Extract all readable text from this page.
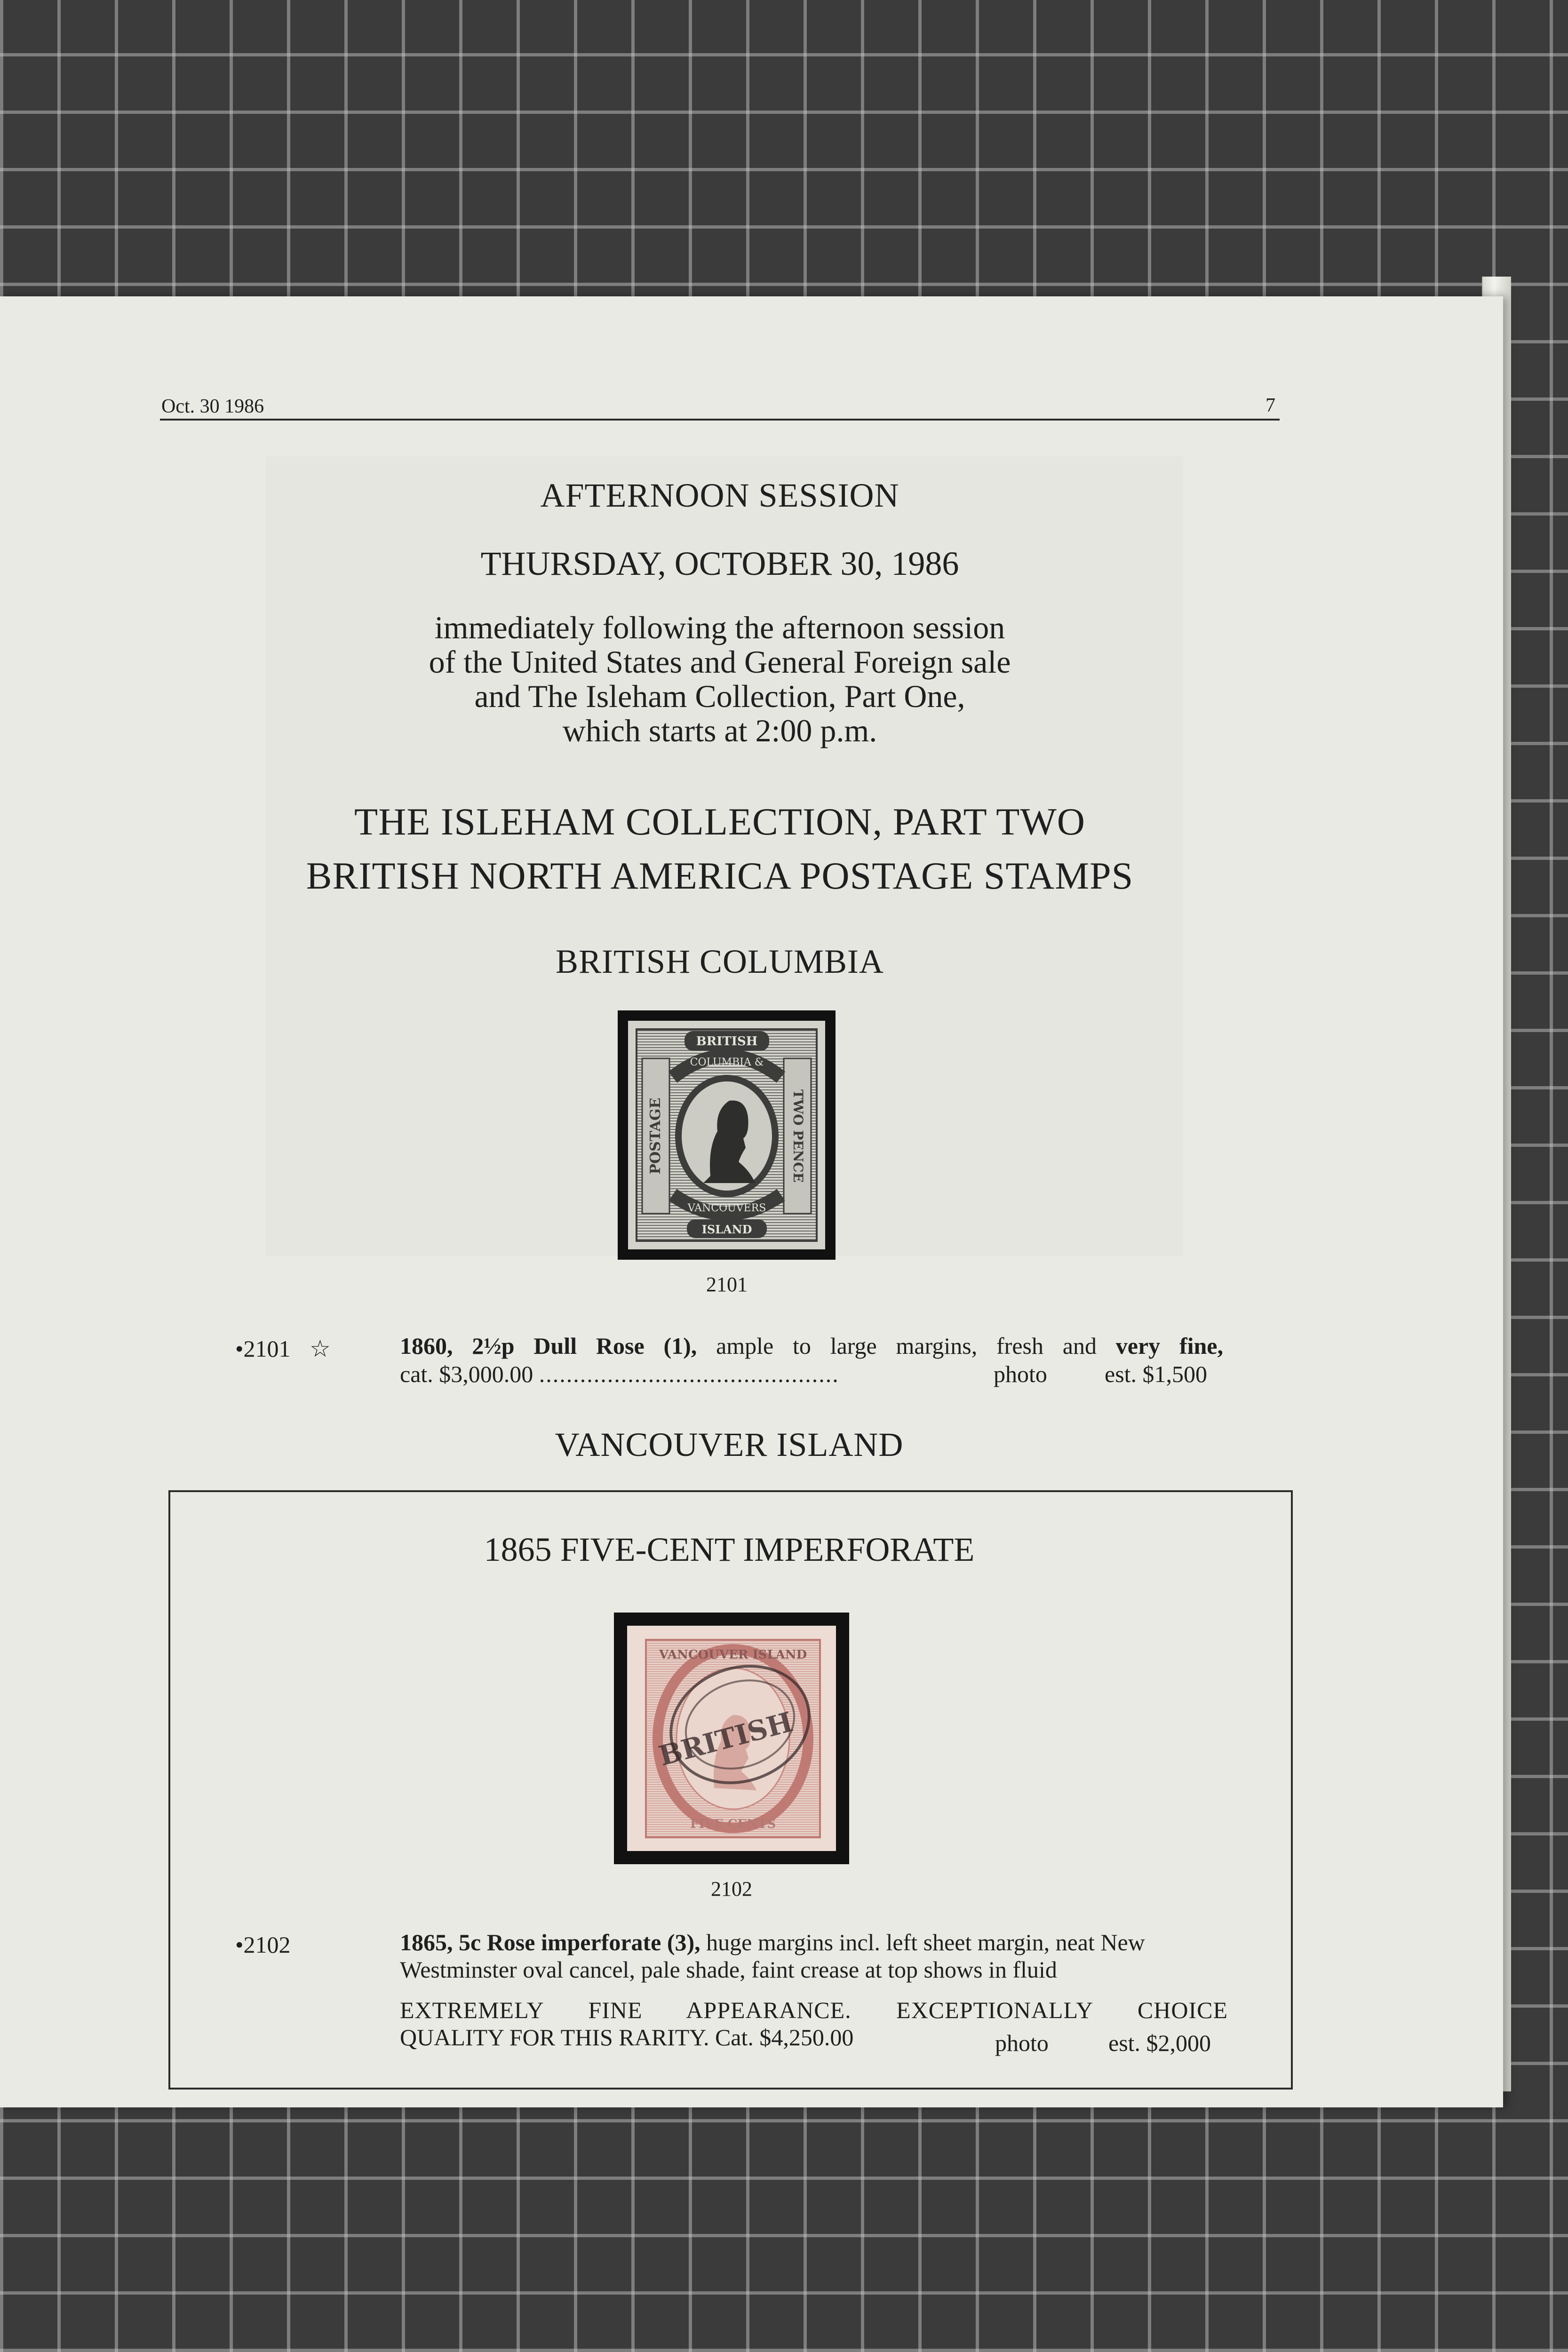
Oct. 30 1986	7
AFTERNOON SESSION
THURSDAY, OCTOBER 30, 1986
immediately following the afternoon session
of the United States and General Foreign sale
and The Isleham Collection, Part One,
which starts at 2:00 p.m.
THE ISLEHAM COLLECTION, PART TWO
BRITISH NORTH AMERICA POSTAGE STAMPS
BRITISH COLUMBIA
BRITISH
ISLAND
COLUMBIA &
VANCOUVERS
POSTAGE	TWO PENCE
2101
•2101 ☆	1860, 2½p Dull Rose (1), ample to large margins, fresh and very fine,
cat. $3,000.00 ............................................	photo est. $1,500
VANCOUVER ISLAND
1865 FIVE-CENT IMPERFORATE
VANCOUVER ISLAND
FIVE CENTS
BRITISH
2102
•2102	1865, 5c Rose imperforate (3), huge margins incl. left sheet margin, neat New
Westminster oval cancel, pale shade, faint crease at top shows in fluid
EXTREMELY FINE APPEARANCE. EXCEPTIONALLY CHOICE
QUALITY FOR THIS RARITY. Cat. $4,250.00	photo	est. $2,000
